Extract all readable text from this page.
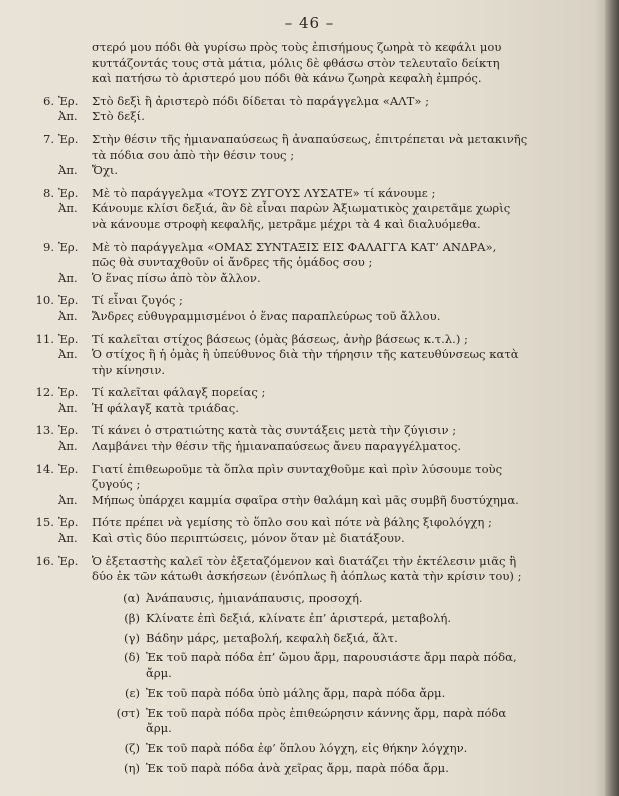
– 46 –
στερό μου πόδι θὰ γυρίσω πρὸς τοὺς ἐπισήμους ζωηρὰ τὸ κεφάλι μου
κυττάζοντάς τους στὰ μάτια, μόλις δὲ φθάσω στὸν τελευταῖο δείκτη
καὶ πατήσω τὸ ἀριστερό μου πόδι θὰ κάνω ζωηρὰ κεφαλὴ ἐμπρός.
6. Ἐρ.	Στὸ δεξὶ ἢ ἀριστερὸ πόδι δίδεται τὸ παράγγελμα «ΑΛΤ» ;
Ἀπ.	Στὸ δεξί.
7. Ἐρ.	Στὴν θέσιν τῆς ἡμιαναπαύσεως ἢ ἀναπαύσεως, ἐπιτρέπεται νὰ μετακινῆς
τὰ πόδια σου ἀπὸ τὴν θέσιν τους ;
Ἀπ.	Ὄχι.
8. Ἐρ.	Μὲ τὸ παράγγελμα «ΤΟΥΣ ΖΥΓΟΥΣ ΛΥΣΑΤΕ» τί κάνουμε ;
Ἀπ.	Κάνουμε κλίσι δεξιά, ἂν δὲ εἶναι παρὼν Ἀξιωματικὸς χαιρετᾶμε χωρὶς
νὰ κάνουμε στροφὴ κεφαλῆς, μετρᾶμε μέχρι τὰ 4 καὶ διαλυόμεθα.
9. Ἐρ.	Μὲ τὸ παράγγελμα «ΟΜΑΣ ΣΥΝΤΑΞΙΣ ΕΙΣ ΦΑΛΑΓΓΑ ΚΑΤ’ ΑΝΔΡΑ»,
πῶς θὰ συνταχθοῦν οἱ ἄνδρες τῆς ὁμάδος σου ;
Ἀπ.	Ὁ ἕνας πίσω ἀπὸ τὸν ἄλλον.
10. Ἐρ.	Τί εἶναι ζυγός ;
Ἀπ.	Ἄνδρες εὐθυγραμμισμένοι ὁ ἕνας παραπλεύρως τοῦ ἄλλου.
11. Ἐρ.	Τί καλεῖται στίχος βάσεως (ὁμὰς βάσεως, ἀνὴρ βάσεως κ.τ.λ.) ;
Ἀπ.	Ὁ στίχος ἢ ἡ ὁμὰς ἢ ὑπεύθυνος διὰ τὴν τήρησιν τῆς κατευθύνσεως κατὰ
τὴν κίνησιν.
12. Ἐρ.	Τί καλεῖται φάλαγξ πορείας ;
Ἀπ.	Ἡ φάλαγξ κατὰ τριάδας.
13. Ἐρ.	Τί κάνει ὁ στρατιώτης κατὰ τὰς συντάξεις μετὰ τὴν ζύγισιν ;
Ἀπ.	Λαμβάνει τὴν θέσιν τῆς ἡμιαναπαύσεως ἄνευ παραγγέλματος.
14. Ἐρ.	Γιατί ἐπιθεωροῦμε τὰ ὅπλα πρὶν συνταχθοῦμε καὶ πρὶν λύσουμε τοὺς
ζυγούς ;
Ἀπ.	Μήπως ὑπάρχει καμμία σφαῖρα στὴν θαλάμη καὶ μᾶς συμβῆ δυστύχημα.
15. Ἐρ.	Πότε πρέπει νὰ γεμίσης τὸ ὅπλο σου καὶ πότε νὰ βάλης ξιφολόγχη ;
Ἀπ.	Καὶ στὶς δύο περιπτώσεις, μόνον ὅταν μὲ διατάξουν.
16. Ἐρ.	Ὁ ἐξεταστὴς καλεῖ τὸν ἐξεταζόμενον καὶ διατάζει τὴν ἐκτέλεσιν μιᾶς ἢ
δύο ἐκ τῶν κάτωθι ἀσκήσεων (ἐνόπλως ἢ ἀόπλως κατὰ τὴν κρίσιν του) ;
(α) Ἀνάπαυσις, ἡμιανάπαυσις, προσοχή.
(β) Κλίνατε ἐπὶ δεξιά, κλίνατε ἐπ’ ἀριστερά, μεταβολή.
(γ) Βάδην μάρς, μεταβολή, κεφαλὴ δεξιά, ἄλτ.
(δ) Ἐκ τοῦ παρὰ πόδα ἐπ’ ὤμου ἄρμ, παρουσιάστε ἄρμ παρὰ πόδα,
ἄρμ.
(ε) Ἐκ τοῦ παρὰ πόδα ὑπὸ μάλης ἄρμ, παρὰ πόδα ἄρμ.
(στ) Ἐκ τοῦ παρὰ πόδα πρὸς ἐπιθεώρησιν κάννης ἄρμ, παρὰ πόδα
ἄρμ.
(ζ) Ἐκ τοῦ παρὰ πόδα ἐφ’ ὅπλου λόγχη, εἰς θήκην λόγχην.
(η) Ἐκ τοῦ παρὰ πόδα ἀνὰ χεῖρας ἄρμ, παρὰ πόδα ἄρμ.
